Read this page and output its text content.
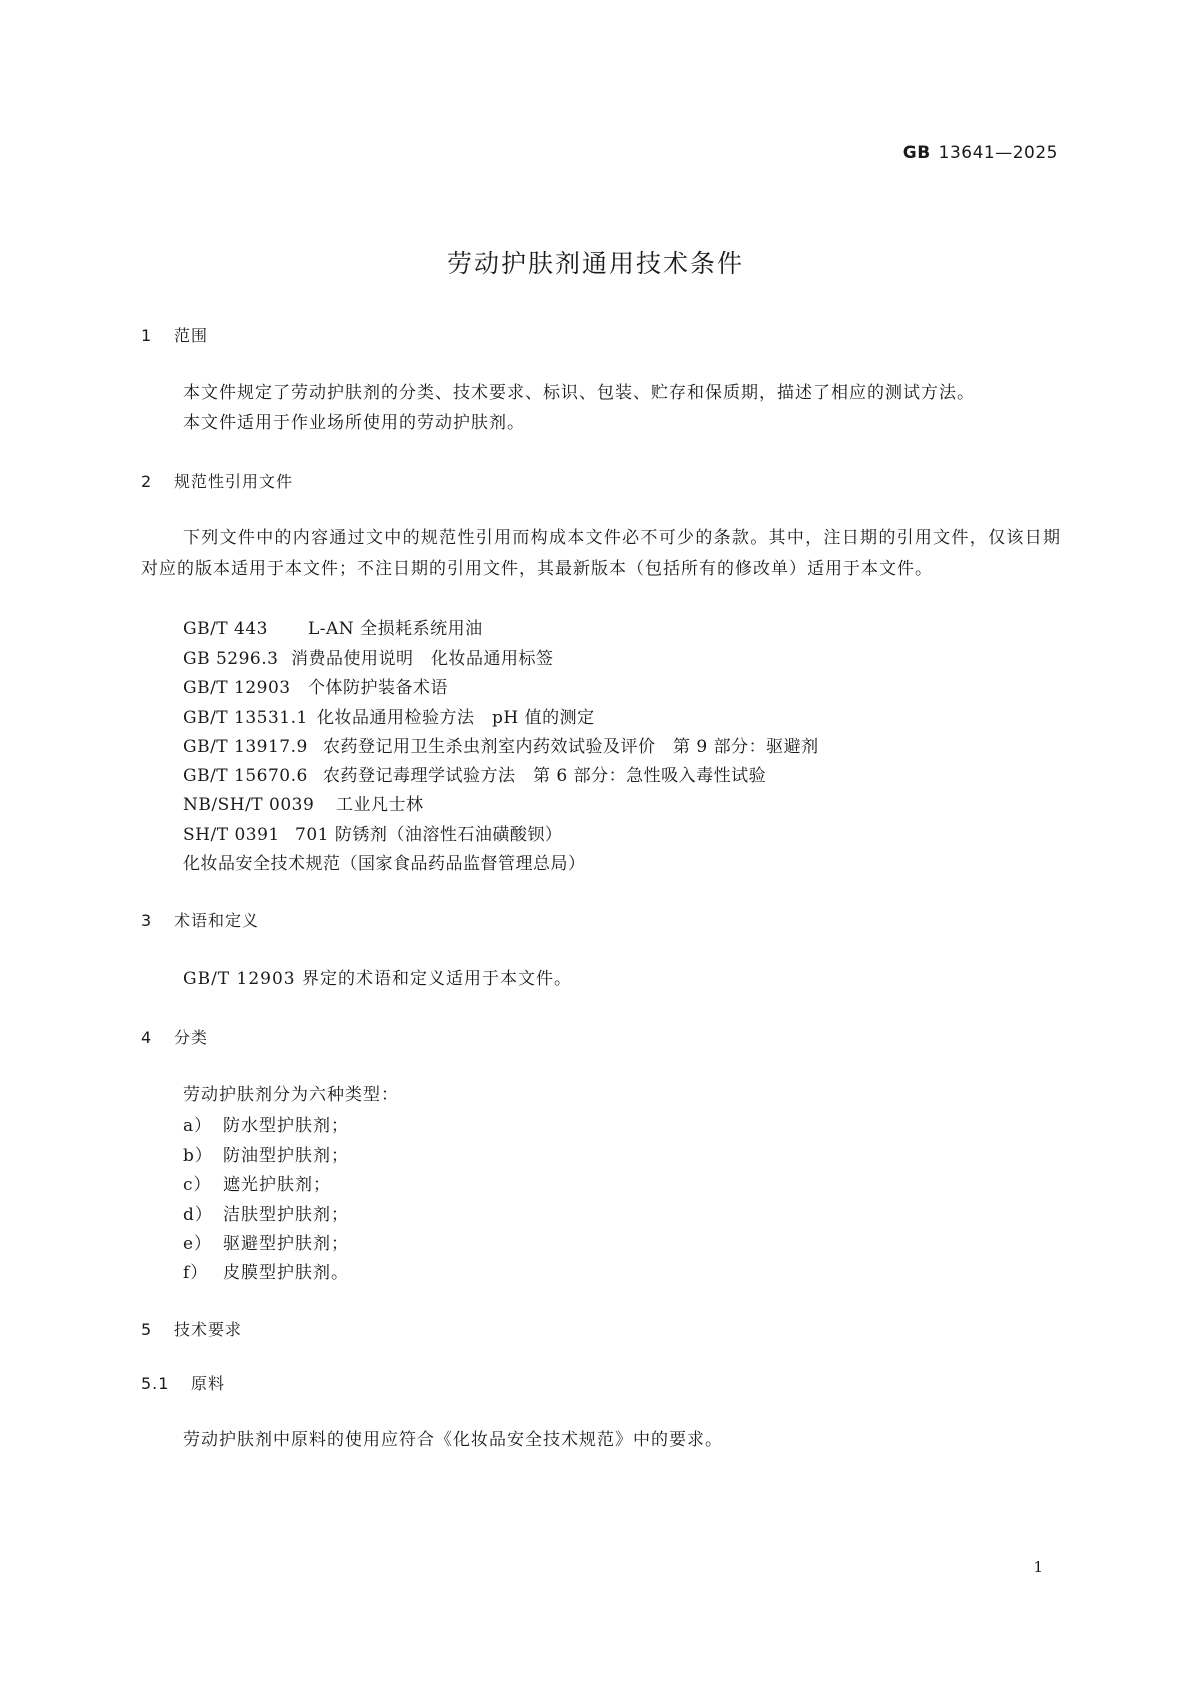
GB 13641—2025
劳动护肤剂通用技术条件
1 范围
本文件规定了劳动护肤剂的分类、技术要求、标识、包装、贮存和保质期，描述了相应的测试方法。
本文件适用于作业场所使用的劳动护肤剂。
2 规范性引用文件
下列文件中的内容通过文中的规范性引用而构成本文件必不可少的条款。其中，注日期的引用文件，仅该日期对应的版本适用于本文件；不注日期的引用文件，其最新版本（包括所有的修改单）适用于本文件。
GB/T 443 L-AN 全损耗系统用油
GB 5296.3 消费品使用说明　化妆品通用标签
GB/T 12903 个体防护装备术语
GB/T 13531.1 化妆品通用检验方法　pH 值的测定
GB/T 13917.9 农药登记用卫生杀虫剂室内药效试验及评价　第 9 部分：驱避剂
GB/T 15670.6 农药登记毒理学试验方法　第 6 部分：急性吸入毒性试验
NB/SH/T 0039 工业凡士林
SH/T 0391 701 防锈剂（油溶性石油磺酸钡）
化妆品安全技术规范（国家食品药品监督管理总局）
3 术语和定义
GB/T 12903 界定的术语和定义适用于本文件。
4 分类
劳动护肤剂分为六种类型：
a） 防水型护肤剂；
b） 防油型护肤剂；
c） 遮光护肤剂；
d） 洁肤型护肤剂；
e） 驱避型护肤剂；
f） 皮膜型护肤剂。
5 技术要求
5.1 原料
劳动护肤剂中原料的使用应符合《化妆品安全技术规范》中的要求。
1
